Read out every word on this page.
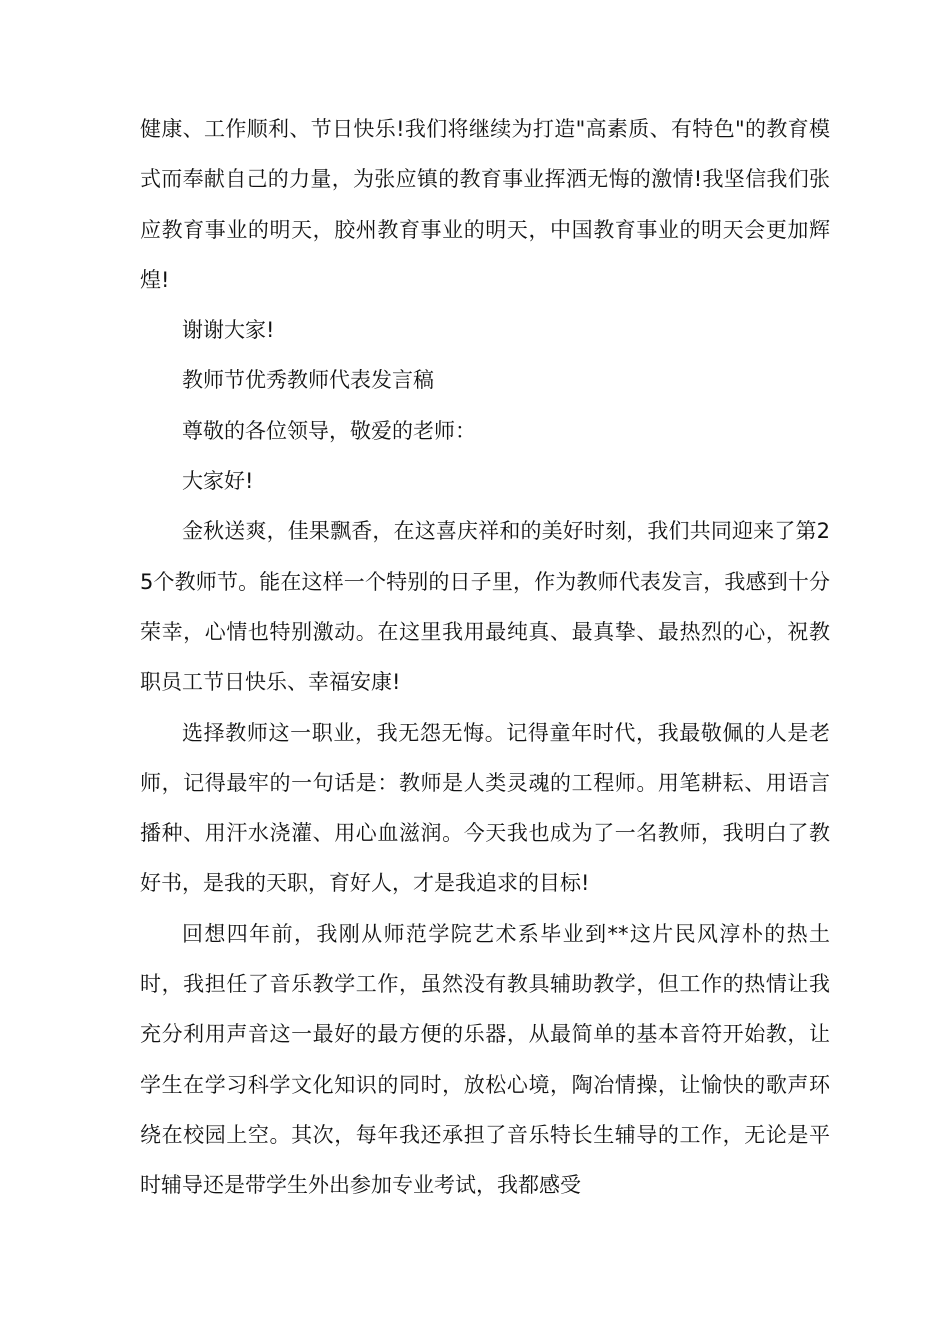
健康、工作顺利、节日快乐!我们将继续为打造"高素质、有特色"的教育模式而奉献自己的力量，为张应镇的教育事业挥洒无悔的激情!我坚信我们张应教育事业的明天，胶州教育事业的明天，中国教育事业的明天会更加辉煌!

谢谢大家!

教师节优秀教师代表发言稿

尊敬的各位领导，敬爱的老师：

大家好!

金秋送爽，佳果飘香，在这喜庆祥和的美好时刻，我们共同迎来了第25个教师节。能在这样一个特别的日子里，作为教师代表发言，我感到十分荣幸，心情也特别激动。在这里我用最纯真、最真挚、最热烈的心，祝教职员工节日快乐、幸福安康!

选择教师这一职业，我无怨无悔。记得童年时代，我最敬佩的人是老师，记得最牢的一句话是：教师是人类灵魂的工程师。用笔耕耘、用语言播种、用汗水浇灌、用心血滋润。今天我也成为了一名教师，我明白了教好书，是我的天职，育好人，才是我追求的目标!

回想四年前，我刚从师范学院艺术系毕业到**这片民风淳朴的热土时，我担任了音乐教学工作，虽然没有教具辅助教学，但工作的热情让我充分利用声音这一最好的最方便的乐器，从最简单的基本音符开始教，让学生在学习科学文化知识的同时，放松心境，陶冶情操，让愉快的歌声环绕在校园上空。其次，每年我还承担了音乐特长生辅导的工作，无论是平时辅导还是带学生外出参加专业考试，我都感受
